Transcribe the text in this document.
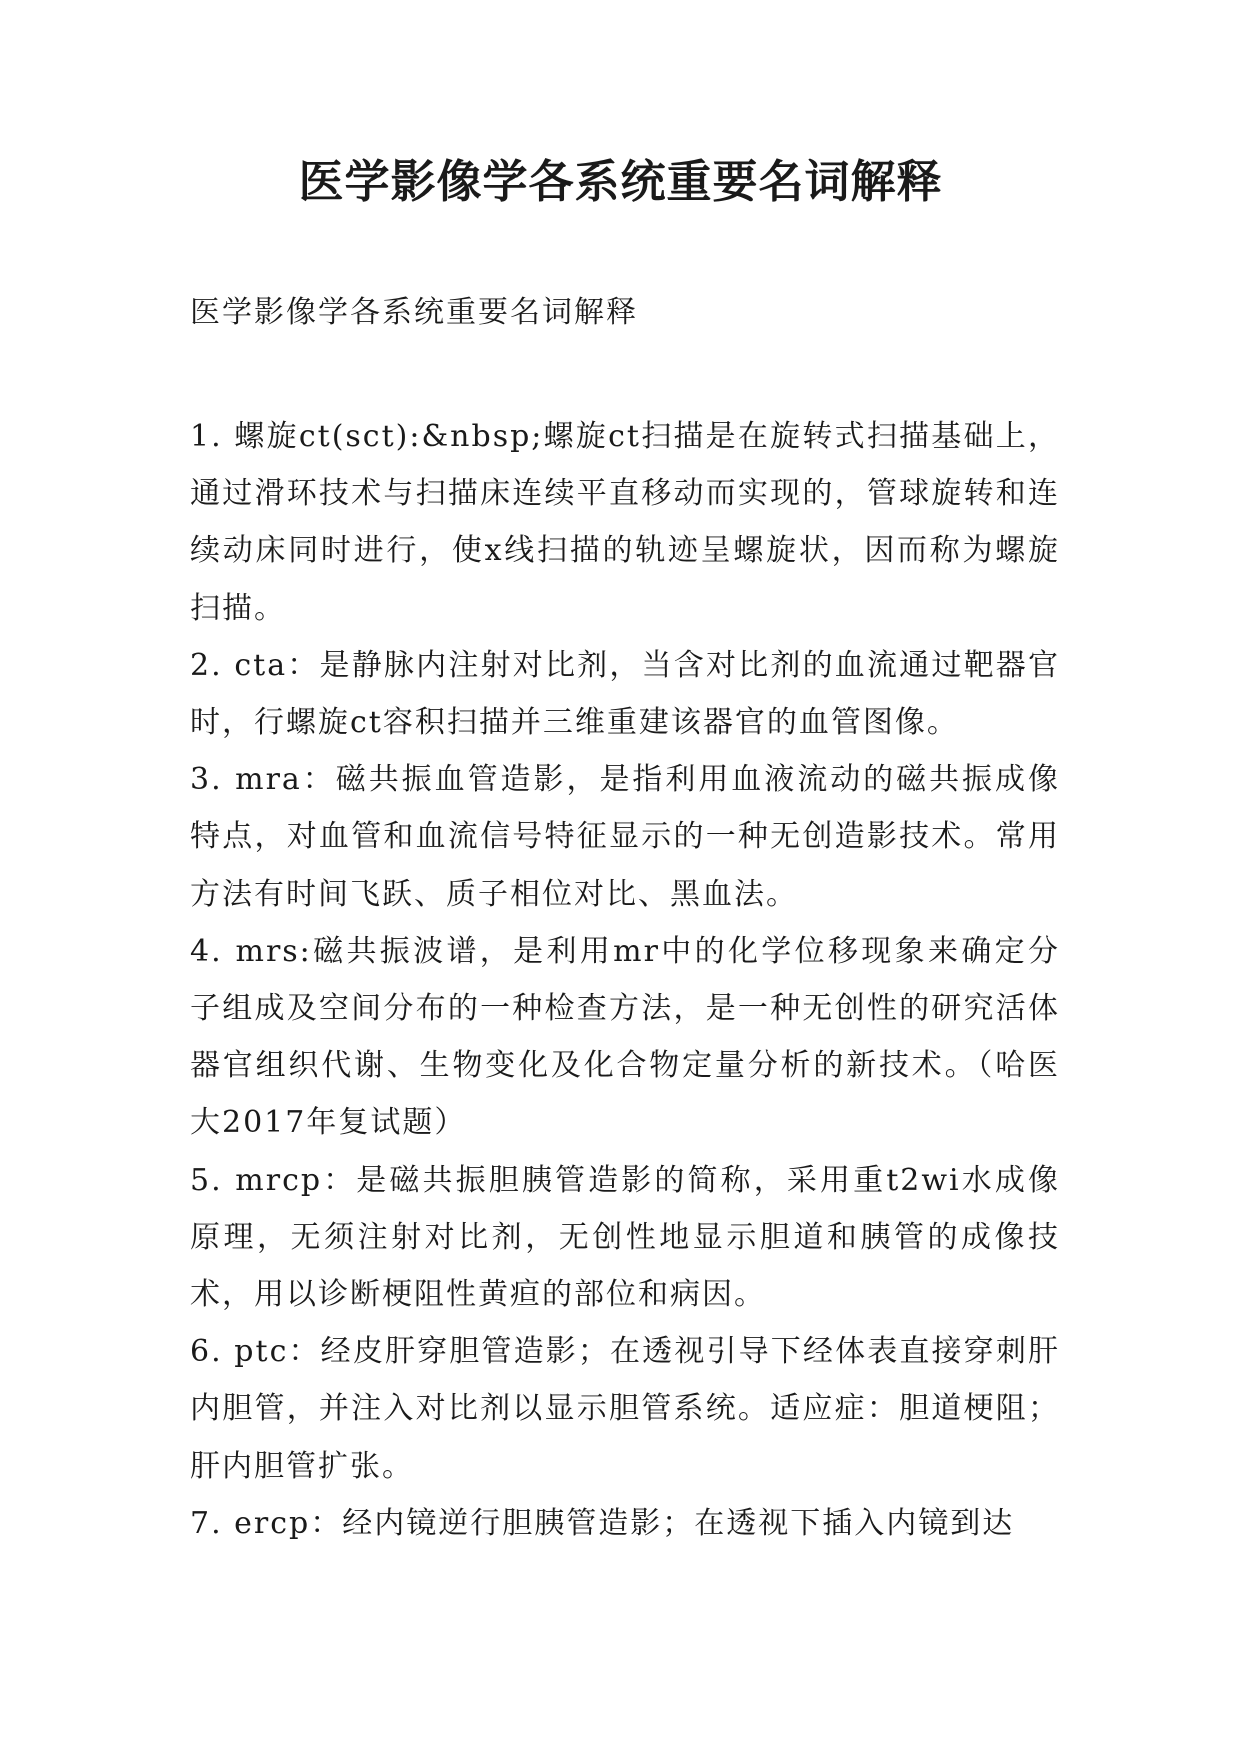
医学影像学各系统重要名词解释

医学影像学各系统重要名词解释

1. 螺旋ct(sct):&nbsp;螺旋ct扫描是在旋转式扫描基础上，通过滑环技术与扫描床连续平直移动而实现的，管球旋转和连续动床同时进行，使x线扫描的轨迹呈螺旋状，因而称为螺旋扫描。

2. cta：是静脉内注射对比剂，当含对比剂的血流通过靶器官时，行螺旋ct容积扫描并三维重建该器官的血管图像。

3. mra：磁共振血管造影，是指利用血液流动的磁共振成像特点，对血管和血流信号特征显示的一种无创造影技术。常用方法有时间飞跃、质子相位对比、黑血法。

4. mrs:磁共振波谱，是利用mr中的化学位移现象来确定分子组成及空间分布的一种检查方法，是一种无创性的研究活体器官组织代谢、生物变化及化合物定量分析的新技术。（哈医大2017年复试题）

5. mrcp：是磁共振胆胰管造影的简称，采用重t2wi水成像原理，无须注射对比剂，无创性地显示胆道和胰管的成像技术，用以诊断梗阻性黄疸的部位和病因。

6. ptc：经皮肝穿胆管造影；在透视引导下经体表直接穿刺肝内胆管，并注入对比剂以显示胆管系统。适应症：胆道梗阻；肝内胆管扩张。

7. ercp：经内镜逆行胆胰管造影；在透视下插入内镜到达
